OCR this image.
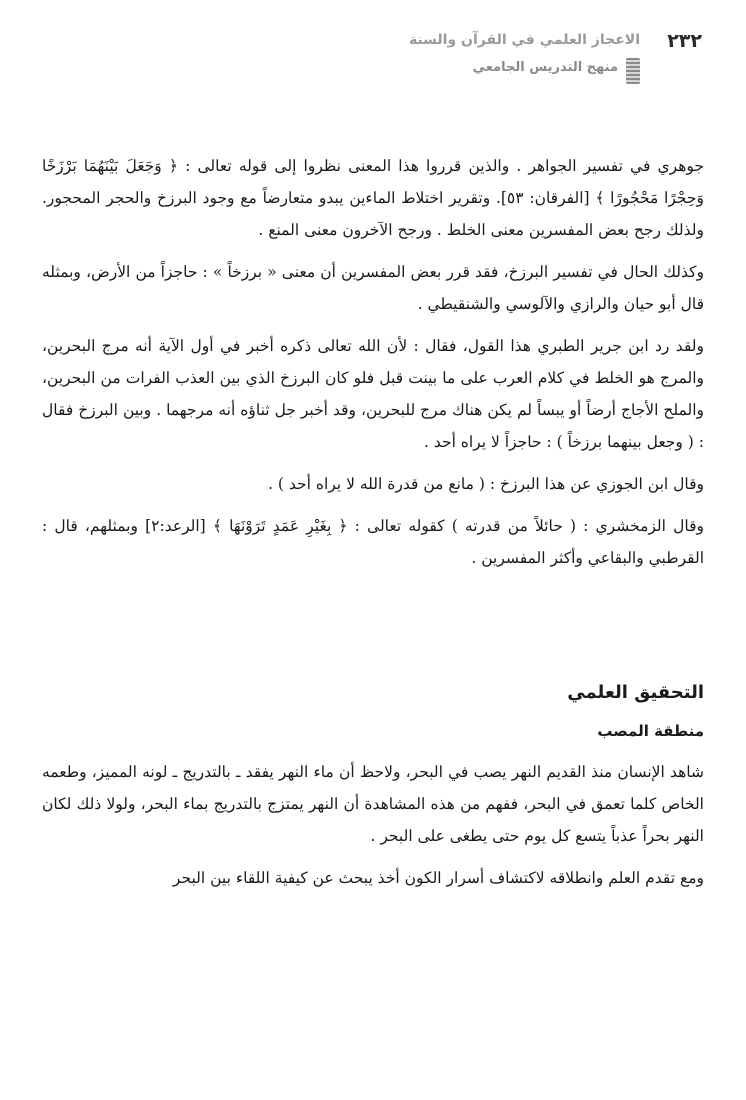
٢٣٢
الاعجاز العلمي في القرآن والسنة
منهج التدريس الجامعي

جوهري في تفسير الجواهر . والذين قرروا هذا المعنى نظروا إلى قوله تعالى : ﴿ وَجَعَلَ بَيْنَهُمَا بَرْزَخًا وَحِجْرًا مَحْجُورًا ﴾ [الفرقان: ٥٣]. وتقرير اختلاط الماءين يبدو متعارضاً مع وجود البرزخ والحجر المحجور. ولذلك رجح بعض المفسرين معنى الخلط . ورجح الآخرون معنى المنع .

وكذلك الحال في تفسير البرزخ، فقد قرر بعض المفسرين أن معنى « برزخاً » : حاجزاً من الأرض، وبمثله قال أبو حيان والرازي والآلوسي والشنقيطي .

ولقد رد ابن جرير الطبري هذا القول، فقال : لأن الله تعالى ذكره أخبر في أول الآية أنه مرج البحرين، والمرج هو الخلط في كلام العرب على ما بينت قبل فلو كان البرزخ الذي بين العذب الفرات من البحرين، والملح الأجاج أرضاً أو يبساً لم يكن هناك مرج للبحرين، وقد أخبر جل ثناؤه أنه مرجهما . وبين البرزخ فقال : ( وجعل بينهما برزخاً ) : حاجزاً لا يراه أحد .

وقال ابن الجوزي عن هذا البرزخ : ( مانع من قدرة الله لا يراه أحد ) .

وقال الزمخشري : ( حائلاً من قدرته ) كقوله تعالى : ﴿ بِغَيْرِ عَمَدٍ تَرَوْنَهَا ﴾ [الرعد:٢] وبمثلهم، قال : القرطبي والبقاعي وأكثر المفسرين .

التحقيق العلمي
منطقة المصب

شاهد الإنسان منذ القديم النهر يصب في البحر، ولاحظ أن ماء النهر يفقد ـ بالتدريج ـ لونه المميز، وطعمه الخاص كلما تعمق في البحر، ففهم من هذه المشاهدة أن النهر يمتزج بالتدريج بماء البحر، ولولا ذلك لكان النهر بحراً عذباً يتسع كل يوم حتى يطغى على البحر .

ومع تقدم العلم وانطلاقه لاكتشاف أسرار الكون أخذ يبحث عن كيفية اللقاء بين البحر
